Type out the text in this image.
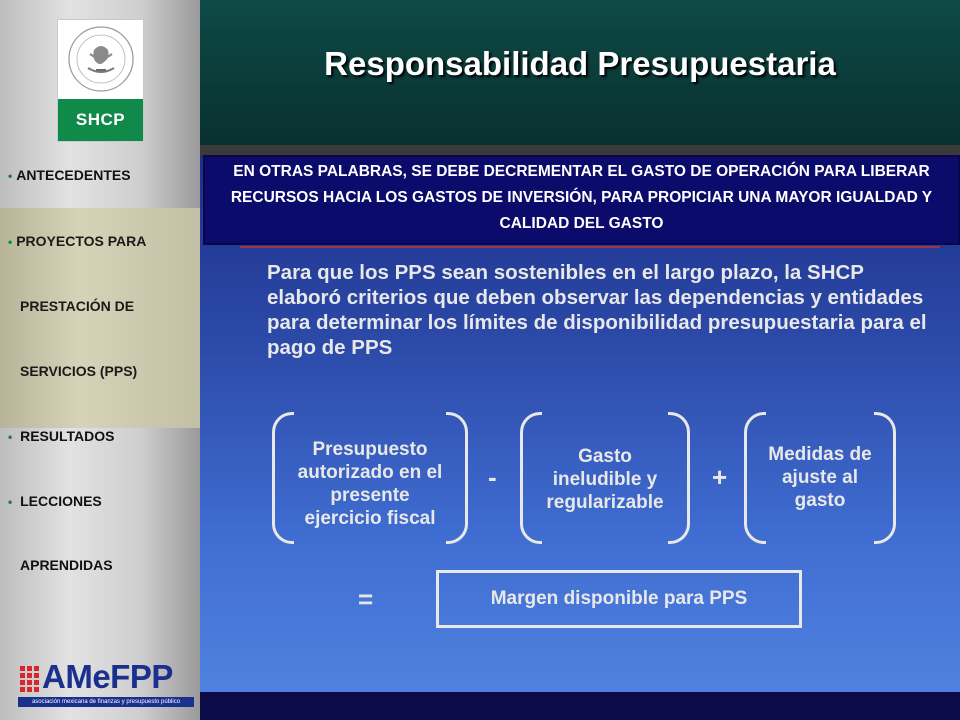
SHCP
• ANTECEDENTES
• PROYECTOS PARA
PRESTACIÓN DE
SERVICIOS (PPS)
• RESULTADOS
• LECCIONES
APRENDIDAS
AMeFPP
asociación mexicana de finanzas y presupuesto público
Responsabilidad Presupuestaria
EN OTRAS PALABRAS, SE DEBE DECREMENTAR EL GASTO DE OPERACIÓN PARA LIBERAR RECURSOS HACIA LOS GASTOS DE INVERSIÓN, PARA PROPICIAR UNA MAYOR IGUALDAD Y CALIDAD DEL GASTO
Para que los PPS sean sostenibles en el largo plazo, la SHCP elaboró criterios que deben observar las dependencias y entidades para determinar los límites de disponibilidad presupuestaria para el pago de PPS
Presupuesto
autorizado en el
presente
ejercicio fiscal
-
Gasto
ineludible y
regularizable
+
Medidas de
ajuste al
gasto
=	Margen disponible para PPS
